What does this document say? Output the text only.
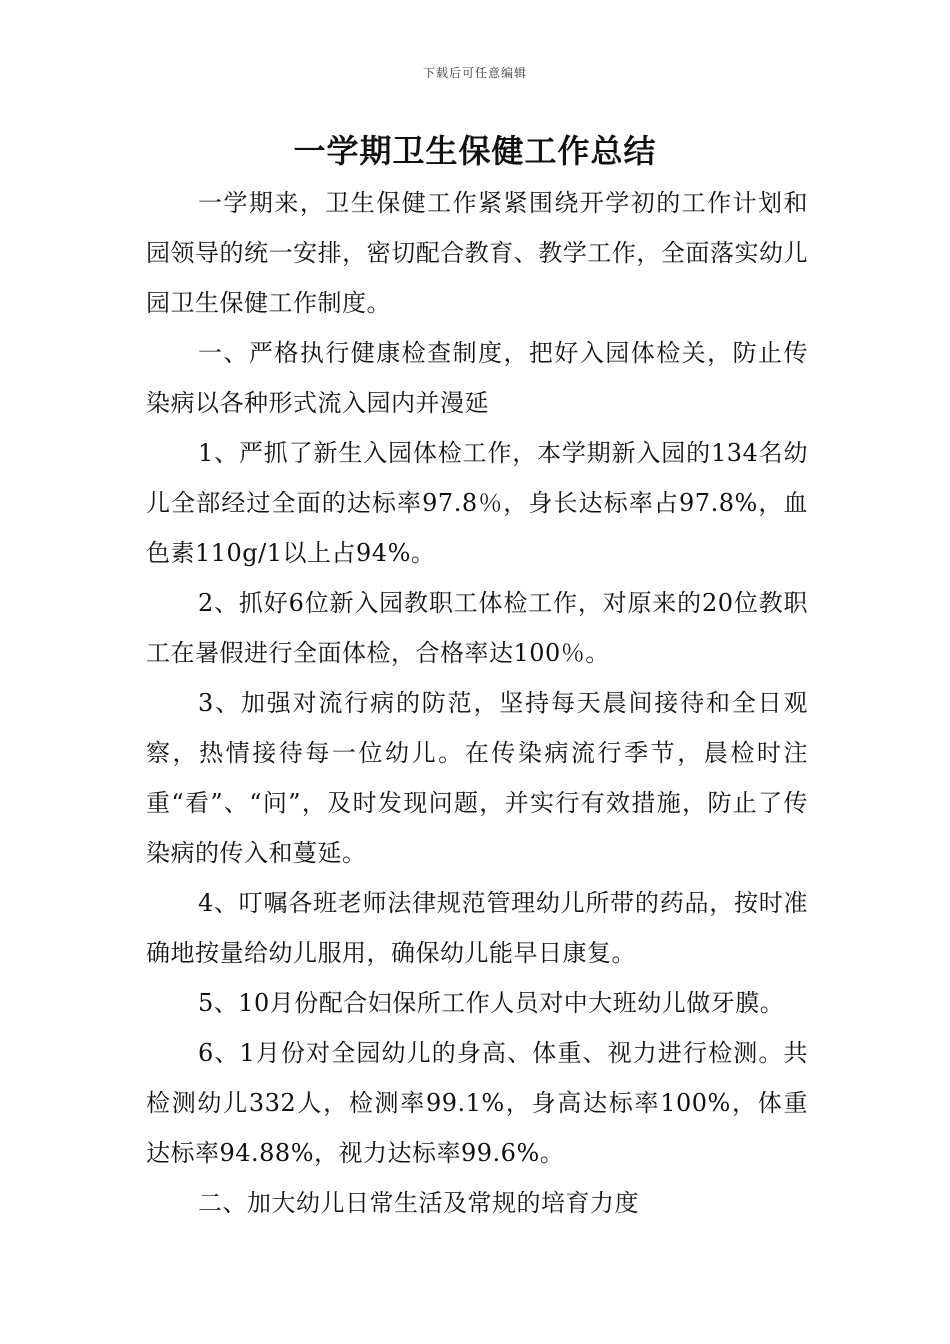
下载后可任意编辑
一学期卫生保健工作总结

一学期来，卫生保健工作紧紧围绕开学初的工作计划和园领导的统一安排，密切配合教育、教学工作，全面落实幼儿园卫生保健工作制度。

一、严格执行健康检查制度，把好入园体检关，防止传染病以各种形式流入园内并漫延

1、严抓了新生入园体检工作，本学期新入园的134名幼儿全部经过全面的达标率97.8％，身长达标率占97.8%，血色素110g/1以上占94%。

2、抓好6位新入园教职工体检工作，对原来的20位教职工在暑假进行全面体检，合格率达100％。

3、加强对流行病的防范，坚持每天晨间接待和全日观察，热情接待每一位幼儿。在传染病流行季节，晨检时注重“看”、“问”，及时发现问题，并实行有效措施，防止了传染病的传入和蔓延。

4、叮嘱各班老师法律规范管理幼儿所带的药品，按时准确地按量给幼儿服用，确保幼儿能早日康复。

5、10月份配合妇保所工作人员对中大班幼儿做牙膜。

6、1月份对全园幼儿的身高、体重、视力进行检测。共检测幼儿332人，检测率99.1%，身高达标率100%，体重达标率94.88%，视力达标率99.6%。

二、加大幼儿日常生活及常规的培育力度
